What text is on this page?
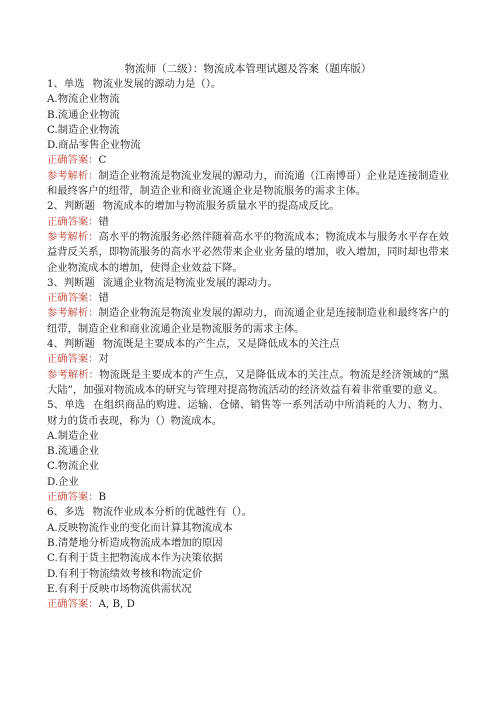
物流师（二级）：物流成本管理试题及答案（题库版）
1、单选 物流业发展的源动力是（）。
A.物流企业物流
B.流通企业物流
C.制造企业物流
D.商品零售企业物流
正确答案：C
参考解析：制造企业物流是物流业发展的源动力，而流通（江南博哥）企业是连接制造业和最终客户的纽带，制造企业和商业流通企业是物流服务的需求主体。
2、判断题 物流成本的增加与物流服务质量水平的提高成反比。
正确答案：错
参考解析：高水平的物流服务必然伴随着高水平的物流成本；物流成本与服务水平存在效益背反关系，即物流服务的高水平必然带来企业业务量的增加，收入增加，同时却也带来企业物流成本的增加，使得企业效益下降。
3、判断题 流通企业物流是物流业发展的源动力。
正确答案：错
参考解析：制造企业物流是物流业发展的源动力，而流通企业是连接制造业和最终客户的纽带，制造企业和商业流通企业是物流服务的需求主体。
4、判断题 物流既是主要成本的产生点，又是降低成本的关注点
正确答案：对
参考解析：物流既是主要成本的产生点，又是降低成本的关注点。物流是经济领域的“黑大陆”，加强对物流成本的研究与管理对提高物流活动的经济效益有着非常重要的意义。
5、单选 在组织商品的购进、运输、仓储、销售等一系列活动中所消耗的人力、物力、财力的货币表现，称为（）物流成本。
A.制造企业
B.流通企业
C.物流企业
D.企业
正确答案：B
6、多选 物流作业成本分析的优越性有（）。
A.反映物流作业的变化而计算其物流成本
B.清楚地分析造成物流成本增加的原因
C.有利于货主把物流成本作为决策依据
D.有利于物流绩效考核和物流定价
E.有利于反映市场物流供需状况
正确答案：A, B, D
